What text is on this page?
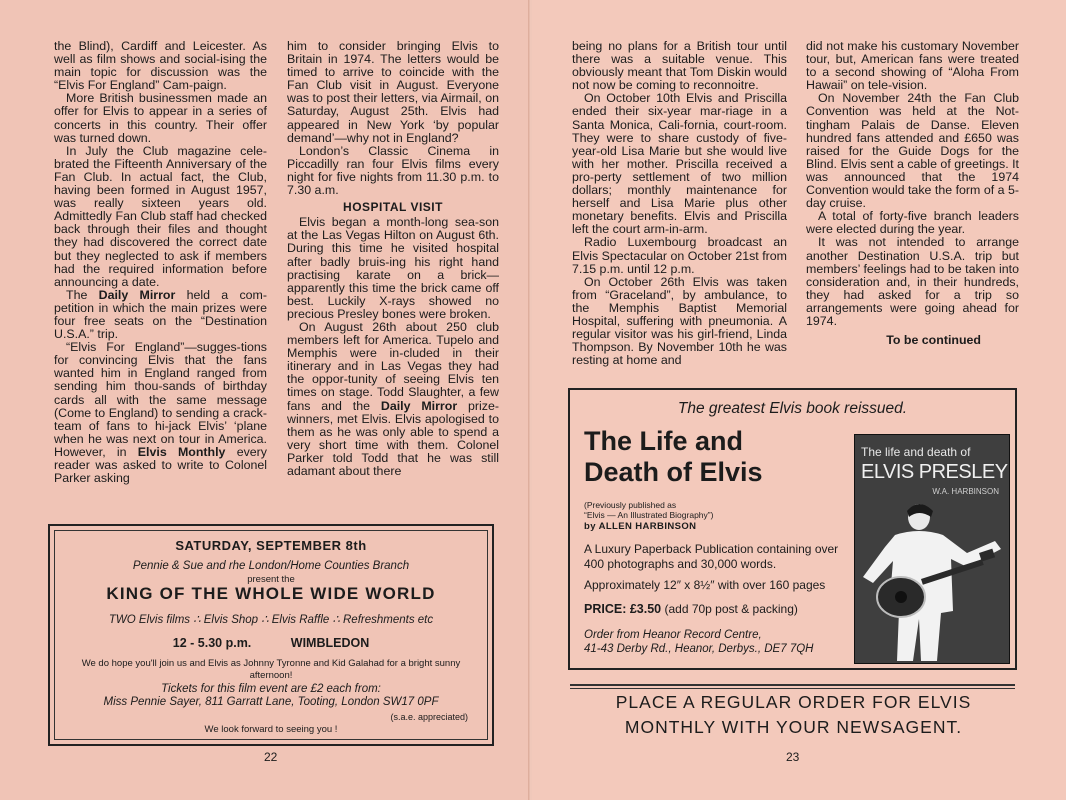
the Blind), Cardiff and Leicester. As well as film shows and social-ising the main topic for discussion was the “Elvis For England” Cam-paign.

More British businessmen made an offer for Elvis to appear in a series of concerts in this country. Their offer was turned down.

In July the Club magazine cele-brated the Fifteenth Anniversary of the Fan Club. In actual fact, the Club, having been formed in August 1957, was really sixteen years old. Admittedly Fan Club staff had checked back through their files and thought they had discovered the correct date but they neglected to ask if members had the required information before announcing a date.

The Daily Mirror held a com-petition in which the main prizes were four free seats on the “Destination U.S.A.” trip.

“Elvis For England”—sugges-tions for convincing Elvis that the fans wanted him in England ranged from sending him thou-sands of birthday cards all with the same message (Come to England) to sending a crack-team of fans to hi-jack Elvis’ ‘plane when he was next on tour in America. However, in Elvis Monthly every reader was asked to write to Colonel Parker asking

him to consider bringing Elvis to Britain in 1974. The letters would be timed to arrive to coincide with the Fan Club visit in August. Everyone was to post their letters, via Airmail, on Saturday, August 25th. Elvis had appeared in New York ‘by popular demand’—why not in England?

London’s Classic Cinema in Piccadilly ran four Elvis films every night for five nights from 11.30 p.m. to 7.30 a.m.

HOSPITAL VISIT

Elvis began a month-long sea-son at the Las Vegas Hilton on August 6th. During this time he visited hospital after badly bruis-ing his right hand practising karate on a brick—apparently this time the brick came off best. Luckily X-rays showed no precious Presley bones were broken.

On August 26th about 250 club members left for America. Tupelo and Memphis were in-cluded in their itinerary and in Las Vegas they had the oppor-tunity of seeing Elvis ten times on stage. Todd Slaughter, a few fans and the Daily Mirror prize-winners, met Elvis. Elvis apologised to them as he was only able to spend a very short time with them. Colonel Parker told Todd that he was still adamant about there

SATURDAY, SEPTEMBER 8th
Pennie & Sue and rhe London/Home Counties Branch
present the
KING OF THE WHOLE WIDE WORLD
TWO Elvis films ∴ Elvis Shop ∴ Elvis Raffle ∴ Refreshments etc
12 - 5.30 p.m.	WIMBLEDON
We do hope you'll join us and Elvis as Johnny Tyronne and Kid Galahad for a bright sunny afternoon!
Tickets for this film event are £2 each from:
Miss Pennie Sayer, 811 Garratt Lane, Tooting, London SW17 0PF
(s.a.e. appreciated)
We look forward to seeing you !
22

being no plans for a British tour until there was a suitable venue. This obviously meant that Tom Diskin would not now be coming to reconnoitre.

On October 10th Elvis and Priscilla ended their six-year mar-riage in a Santa Monica, Cali-fornia, court-room. They were to share custody of five-year-old Lisa Marie but she would live with her mother. Priscilla received a pro-perty settlement of two million dollars; monthly maintenance for herself and Lisa Marie plus other monetary benefits. Elvis and Priscilla left the court arm-in-arm.

Radio Luxembourg broadcast an Elvis Spectacular on October 21st from 7.15 p.m. until 12 p.m.

On October 26th Elvis was taken from “Graceland”, by ambulance, to the Memphis Baptist Memorial Hospital, suffering with pneumonia. A regular visitor was his girl-friend, Linda Thompson. By November 10th he was resting at home and

did not make his customary November tour, but, American fans were treated to a second showing of “Aloha From Hawaii” on tele-vision.

On November 24th the Fan Club Convention was held at the Not-tingham Palais de Danse. Eleven hundred fans attended and £650 was raised for the Guide Dogs for the Blind. Elvis sent a cable of greetings. It was announced that the 1974 Convention would take the form of a 5-day cruise.

A total of forty-five branch leaders were elected during the year.

It was not intended to arrange another Destination U.S.A. trip but members’ feelings had to be taken into consideration and, in their hundreds, they had asked for a trip so arrangements were going ahead for 1974.

To be continued

The greatest Elvis book reissued.
The Life and
Death of Elvis
(Previously published as
“Elvis — An Illustrated Biography”)
by ALLEN HARBINSON
A Luxury Paperback Publication containing over 400 photographs and 30,000 words.
Approximately 12″ x 8½″ with over 160 pages
PRICE: £3.50 (add 70p post & packing)
Order from Heanor Record Centre,
41-43 Derby Rd., Heanor, Derbys., DE7 7QH
The life and death of
ELVIS PRESLEY
W.A. HARBINSON
PLACE A REGULAR ORDER FOR ELVIS
MONTHLY WITH YOUR NEWSAGENT.
23
